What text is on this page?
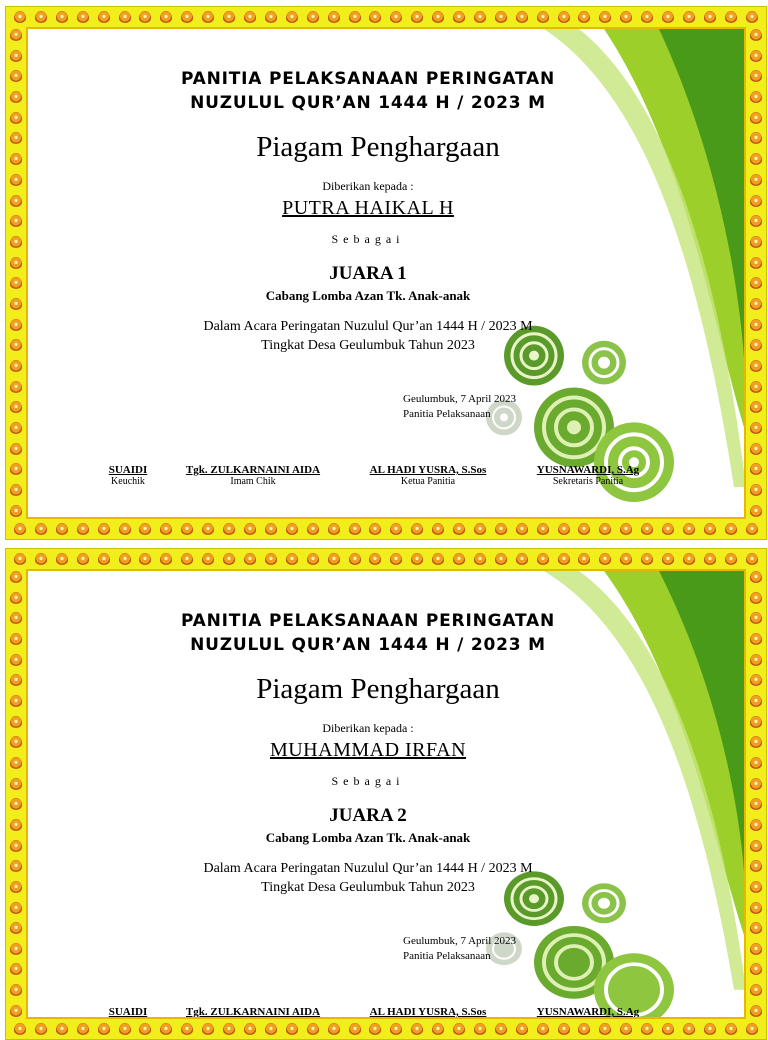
PANITIA PELAKSANAAN PERINGATAN
NUZULUL QUR’AN 1444 H / 2023 M
Piagam Penghargaan
Diberikan kepada :
PUTRA HAIKAL H
Sebagai
JUARA 1
Cabang Lomba Azan Tk. Anak-anak
Dalam Acara Peringatan Nuzulul Qur’an 1444 H / 2023 M
Tingkat Desa Geulumbuk Tahun 2023
Geulumbuk, 7 April 2023
Panitia Pelaksanaan
SUAIDI
Keuchik
Tgk. ZULKARNAINI AIDA
Imam Chik
AL HADI YUSRA, S.Sos
Ketua Panitia
YUSNAWARDI, S.Ag
Sekretaris Panitia
PANITIA PELAKSANAAN PERINGATAN
NUZULUL QUR’AN 1444 H / 2023 M
Piagam Penghargaan
Diberikan kepada :
MUHAMMAD IRFAN
Sebagai
JUARA 2
Cabang Lomba Azan Tk. Anak-anak
Dalam Acara Peringatan Nuzulul Qur’an 1444 H / 2023 M
Tingkat Desa Geulumbuk Tahun 2023
Geulumbuk, 7 April 2023
Panitia Pelaksanaan
SUAIDI	Tgk. ZULKARNAINI AIDA	AL HADI YUSRA, S.Sos	YUSNAWARDI, S.Ag
